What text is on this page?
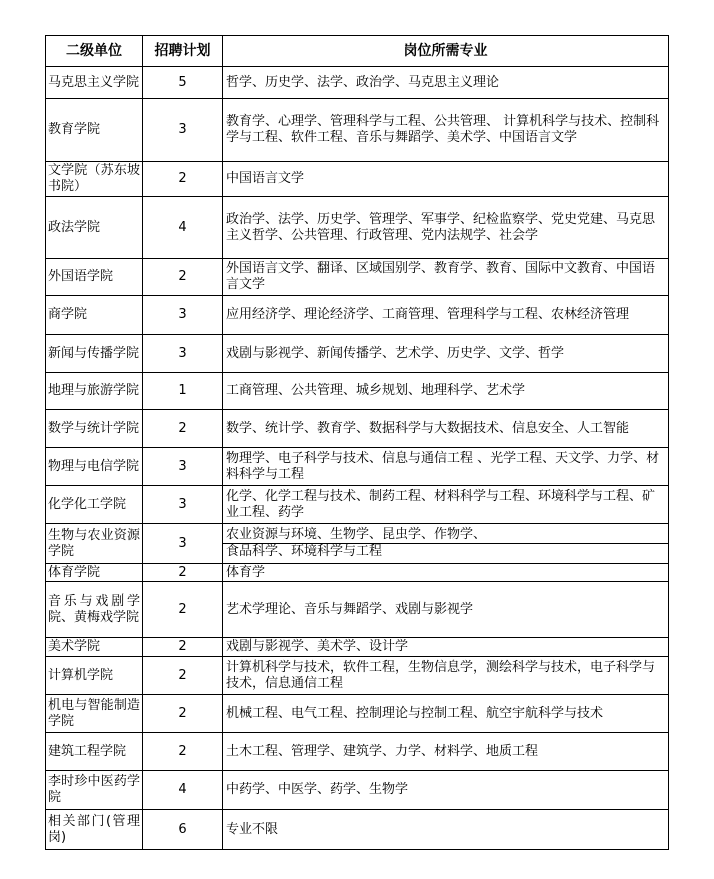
二级单位	招聘计划	岗位所需专业
马克思主义学院	5	哲学、历史学、法学、政治学、马克思主义理论
教育学院	3	教育学、心理学、管理科学与工程、公共管理、 计算机科学与技术、控制科学与工程、软件工程、音乐与舞蹈学、美术学、中国语言文学
文学院（苏东坡书院）	2	中国语言文学
政法学院	4	政治学、法学、历史学、管理学、军事学、纪检监察学、党史党建、马克思主义哲学、公共管理、行政管理、党内法规学、社会学
外国语学院	2	外国语言文学、翻译、区域国别学、教育学、教育、国际中文教育、中国语言文学
商学院	3	应用经济学、理论经济学、工商管理、管理科学与工程、农林经济管理
新闻与传播学院	3	戏剧与影视学、新闻传播学、艺术学、历史学、文学、哲学
地理与旅游学院	1	工商管理、公共管理、城乡规划、地理科学、艺术学
数学与统计学院	2	数学、统计学、教育学、数据科学与大数据技术、信息安全、人工智能
物理与电信学院	3	物理学、电子科学与技术、信息与通信工程 、光学工程、天文学、力学、材料科学与工程
化学化工学院	3	化学、化学工程与技术、制药工程、材料科学与工程、环境科学与工程、矿业工程、药学
生物与农业资源学院	3	农业资源与环境、生物学、昆虫学、作物学、
食品科学、环境科学与工程

体育学院	2	体育学
音乐与戏剧学院、黄梅戏学院	2	艺术学理论、音乐与舞蹈学、戏剧与影视学
美术学院	2	戏剧与影视学、美术学、设计学
计算机学院	2	计算机科学与技术，软件工程，生物信息学，测绘科学与技术，电子科学与技术，信息通信工程
机电与智能制造学院	2	机械工程、电气工程、控制理论与控制工程、航空宇航科学与技术
建筑工程学院	2	土木工程、管理学、建筑学、力学、材料学、地质工程
李时珍中医药学院	4	中药学、中医学、药学、生物学
相关部门(管理岗)	6	专业不限
